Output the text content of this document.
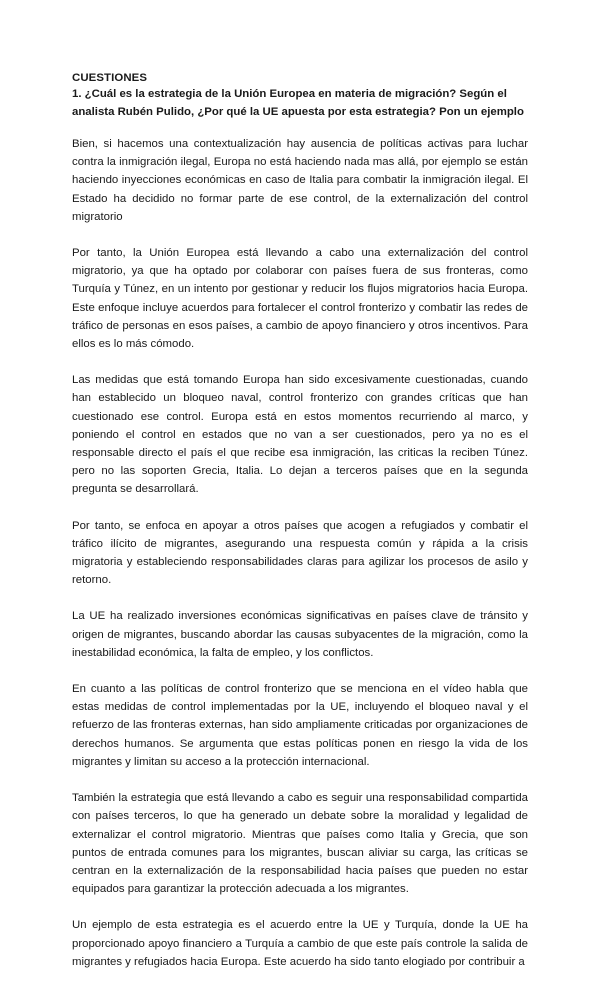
CUESTIONES

1. ¿Cuál es la estrategia de la Unión Europea en materia de migración? Según el analista Rubén Pulido, ¿Por qué la UE apuesta por esta estrategia? Pon un ejemplo

Bien, si hacemos una contextualización hay ausencia de políticas activas para luchar contra la inmigración ilegal, Europa no está haciendo nada mas allá, por ejemplo se están haciendo inyecciones económicas en caso de Italia para combatir la inmigración ilegal. El Estado ha decidido no formar parte de ese control, de la externalización del control migratorio

Por tanto, la Unión Europea está llevando a cabo una externalización del control migratorio, ya que ha optado por colaborar con países fuera de sus fronteras, como Turquía y Túnez, en un intento por gestionar y reducir los flujos migratorios hacia Europa. Este enfoque incluye acuerdos para fortalecer el control fronterizo y combatir las redes de tráfico de personas en esos países, a cambio de apoyo financiero y otros incentivos. Para ellos es lo más cómodo.

Las medidas que está tomando Europa han sido excesivamente cuestionadas, cuando han establecido un bloqueo naval, control fronterizo con grandes críticas que han cuestionado ese control. Europa está en estos momentos recurriendo al marco, y poniendo el control en estados que no van a ser cuestionados, pero ya no es el responsable directo el país el que recibe esa inmigración, las criticas la reciben Túnez. pero no las soporten Grecia, Italia. Lo dejan a terceros países que en la segunda pregunta se desarrollará.

Por tanto, se enfoca en apoyar a otros países que acogen a refugiados y combatir el tráfico ilícito de migrantes, asegurando una respuesta común y rápida a la crisis migratoria y estableciendo responsabilidades claras para agilizar los procesos de asilo y retorno.

La UE ha realizado inversiones económicas significativas en países clave de tránsito y origen de migrantes, buscando abordar las causas subyacentes de la migración, como la inestabilidad económica, la falta de empleo, y los conflictos.

En cuanto a las políticas de control fronterizo que se menciona en el vídeo habla que estas medidas de control implementadas por la UE, incluyendo el bloqueo naval y el refuerzo de las fronteras externas, han sido ampliamente criticadas por organizaciones de derechos humanos. Se argumenta que estas políticas ponen en riesgo la vida de los migrantes y limitan su acceso a la protección internacional.

También la estrategia que está llevando a cabo es seguir una responsabilidad compartida con países terceros, lo que ha generado un debate sobre la moralidad y legalidad de externalizar el control migratorio. Mientras que países como Italia y Grecia, que son puntos de entrada comunes para los migrantes, buscan aliviar su carga, las críticas se centran en la externalización de la responsabilidad hacia países que pueden no estar equipados para garantizar la protección adecuada a los migrantes.

Un ejemplo de esta estrategia es el acuerdo entre la UE y Turquía, donde la UE ha proporcionado apoyo financiero a Turquía a cambio de que este país controle la salida de migrantes y refugiados hacia Europa. Este acuerdo ha sido tanto elogiado por contribuir a
